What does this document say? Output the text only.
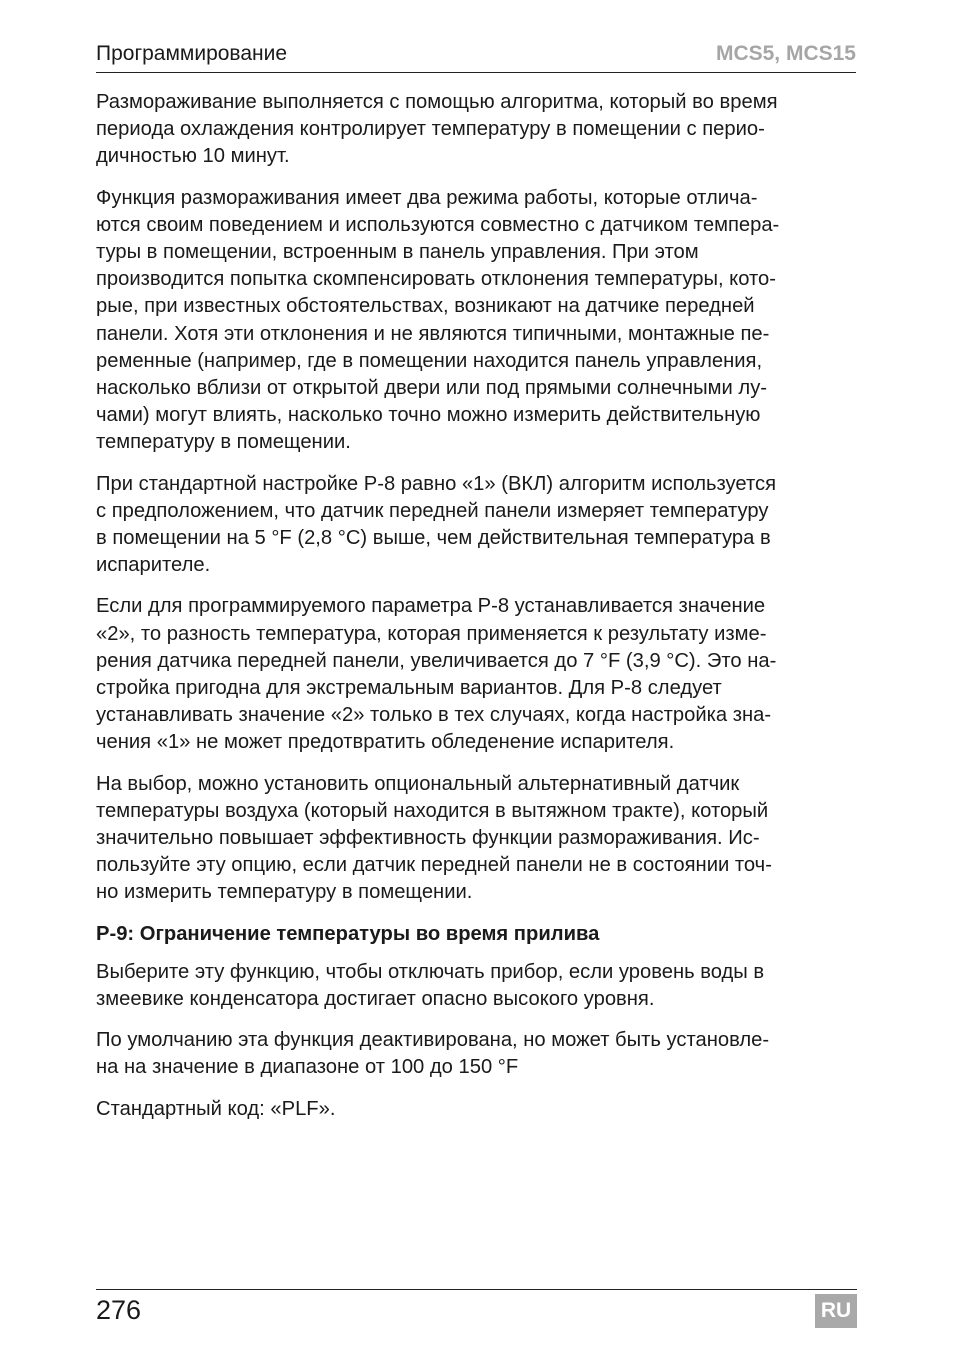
Программирование	MCS5, MCS15

Размораживание выполняется с помощью алгоритма, который во время
периода охлаждения контролирует температуру в помещении с перио-
дичностью 10 минут.

Функция размораживания имеет два режима работы, которые отлича-
ются своим поведением и используются совместно с датчиком темпера-
туры в помещении, встроенным в панель управления. При этом
производится попытка скомпенсировать отклонения температуры, кото-
рые, при известных обстоятельствах, возникают на датчике передней
панели. Хотя эти отклонения и не являются типичными, монтажные пе-
ременные (например, где в помещении находится панель управления,
насколько вблизи от открытой двери или под прямыми солнечными лу-
чами) могут влиять, насколько точно можно измерить действительную
температуру в помещении.

При стандартной настройке P-8 равно «1» (ВКЛ) алгоритм используется
с предположением, что датчик передней панели измеряет температуру
в помещении на 5 °F (2,8 °C) выше, чем действительная температура в
испарителе.

Если для программируемого параметра P-8 устанавливается значение
«2», то разность температура, которая применяется к результату изме-
рения датчика передней панели, увеличивается до 7 °F (3,9 °C). Это на-
стройка пригодна для экстремальным вариантов. Для P-8 следует
устанавливать значение «2» только в тех случаях, когда настройка зна-
чения «1» не может предотвратить обледенение испарителя.

На выбор, можно установить опциональный альтернативный датчик
температуры воздуха (который находится в вытяжном тракте), который
значительно повышает эффективность функции размораживания. Ис-
пользуйте эту опцию, если датчик передней панели не в состоянии точ-
но измерить температуру в помещении.

P-9: Ограничение температуры во время прилива

Выберите эту функцию, чтобы отключать прибор, если уровень воды в
змеевике конденсатора достигает опасно высокого уровня.

По умолчанию эта функция деактивирована, но может быть установле-
на на значение в диапазоне от 100 до 150 °F

Стандартный код: «PLF».

276	RU
